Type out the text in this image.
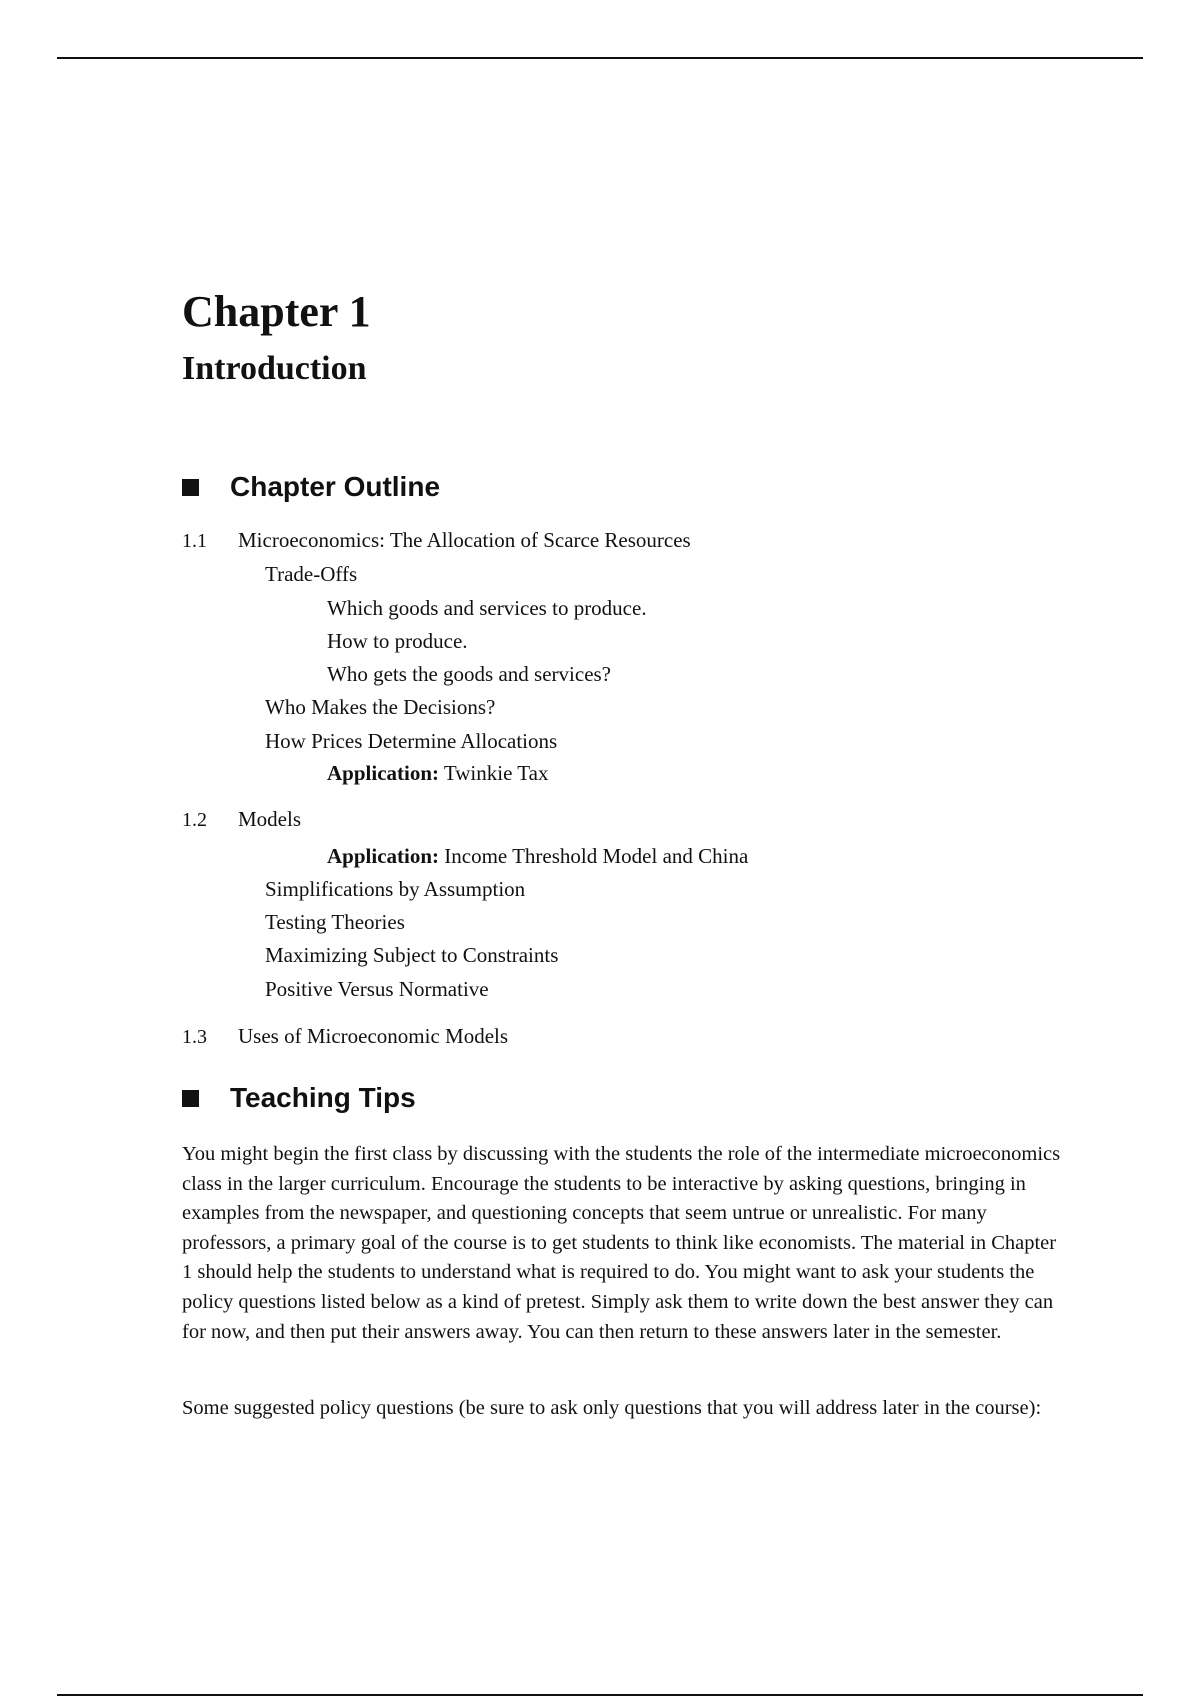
Chapter 1
Introduction
Chapter Outline
1.1 Microeconomics: The Allocation of Scarce Resources
Trade-Offs
Which goods and services to produce.
How to produce.
Who gets the goods and services?
Who Makes the Decisions?
How Prices Determine Allocations
Application: Twinkie Tax
1.2 Models
Application: Income Threshold Model and China
Simplifications by Assumption
Testing Theories
Maximizing Subject to Constraints
Positive Versus Normative
1.3 Uses of Microeconomic Models
Teaching Tips

You might begin the first class by discussing with the students the role of the intermediate microeconomics class in the larger curriculum. Encourage the students to be interactive by asking questions, bringing in examples from the newspaper, and questioning concepts that seem untrue or unrealistic. For many professors, a primary goal of the course is to get students to think like economists. The material in Chapter 1 should help the students to understand what is required to do. You might want to ask your students the policy questions listed below as a kind of pretest. Simply ask them to write down the best answer they can for now, and then put their answers away. You can then return to these answers later in the semester.

Some suggested policy questions (be sure to ask only questions that you will address later in the course):
